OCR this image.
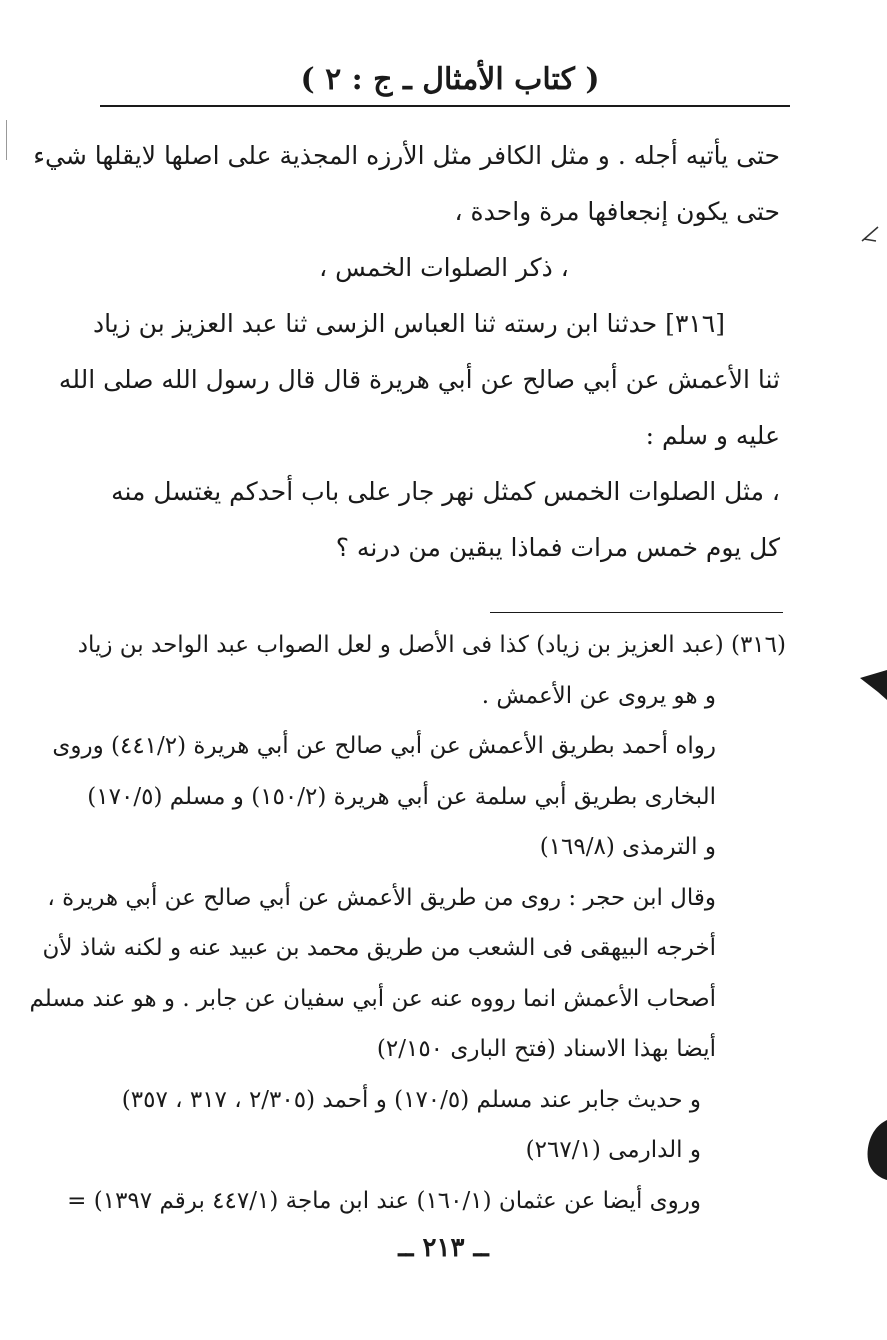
( كتاب الأمثال ـ ج : ٢ )
حتى يأتيه أجله . و مثل الكافر مثل الأرزه المجذية على اصلها لايقلها شيء
حتى يكون إنجعافها مرة واحدة ،
، ذكر الصلوات الخمس ،
[٣١٦] حدثنا ابن رسته ثنا العباس الزسى ثنا عبد العزيز بن زياد
ثنا الأعمش عن أبي صالح عن أبي هريرة قال قال رسول الله صلى الله
عليه و سلم :
، مثل الصلوات الخمس كمثل نهر جار على باب أحدكم يغتسل منه
كل يوم خمس مرات فماذا يبقين من درنه ؟
(٣١٦) (عبد العزيز بن زياد) كذا فى الأصل و لعل الصواب عبد الواحد بن زياد
و هو يروى عن الأعمش .
رواه أحمد بطريق الأعمش عن أبي صالح عن أبي هريرة (٤٤١/٢) وروى
البخارى بطريق أبي سلمة عن أبي هريرة (١٥٠/٢) و مسلم (١٧٠/٥)
و الترمذى (١٦٩/٨)
وقال ابن حجر : روى من طريق الأعمش عن أبي صالح عن أبي هريرة ،
أخرجه البيهقى فى الشعب من طريق محمد بن عبيد عنه و لكنه شاذ لأن
أصحاب الأعمش انما رووه عنه عن أبي سفيان عن جابر . و هو عند مسلم
أيضا بهذا الاسناد (فتح البارى ٢/١٥٠)
و حديث جابر عند مسلم (١٧٠/٥) و أحمد (٢/٣٠٥ ، ٣١٧ ، ٣٥٧)
و الدارمى (٢٦٧/١)
وروى أيضا عن عثمان (١٦٠/١) عند ابن ماجة (٤٤٧/١ برقم ١٣٩٧) =
ــ ٢١٣ ــ
